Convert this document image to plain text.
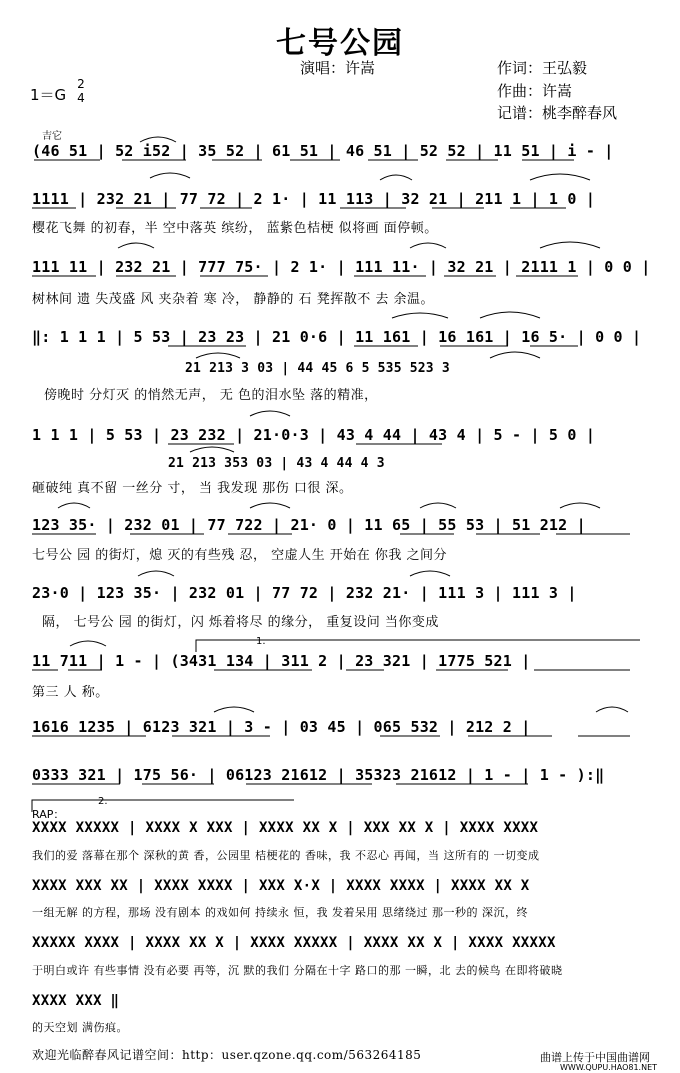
七号公园
演唱：许嵩	作词：王弘毅
作曲：许嵩
记谱：桃李醉春风
1＝G
2
4
吉它
(46 51 | 52 i52 | 35 52 | 61 51 | 46 51 | 52 52 | 11 51 | i - |
1111 | 232 21 | 77 72 | 2 1· | 11 113 | 32 21 | 211 1 | 1 0 |
樱花飞舞 的初春，半 空中落英 缤纷， 蓝紫色桔梗 似将画 面停顿。
111 11 | 232 21 | 777 75· | 2 1· | 111 11· | 32 21 | 2111 1 | 0 0 |
树林间 遗 失茂盛 风 夹杂着 寒 冷， 静静的 石 凳挥散不 去 余温。
‖: 1 1 1 | 5 53 | 23 23 | 21 0·6 | 11 161 | 16 161 | 16 5· | 0 0 |
21 213 3 03 | 44 45 6 5 535 523 3
傍晚时 分灯灭 的悄然无声， 无 色的泪水坠 落的精准，
1 1 1 | 5 53 | 23 232 | 21·0·3 | 43 4 44 | 43 4 | 5 - | 5 0 |
21 213 353 03 | 43 4 44 4 3
砸破纯 真不留 一丝分 寸， 当 我发现 那伤 口很 深。
123 35· | 232 01 | 77 722 | 21· 0 | 11 65 | 55 53 | 51 212 |
七号公 园 的街灯，熄 灭的有些残 忍， 空虚人生 开始在 你我 之间分
23·0 | 123 35· | 232 01 | 77 72 | 232 21· | 111 3 | 111 3 |
隔， 七号公 园 的街灯，闪 烁着将尽 的缘分， 重复设问 当你变成
1.
11 711 | 1 - | (3431 134 | 311 2 | 23 321 | 1775 521 |
第三 人 称。
1616 1235 | 6123 321 | 3 - | 03 45 | 065 532 | 212 2 |
0333 321 | 175 56· | 06123 21612 | 35323 21612 | 1 - | 1 - ):‖
2.
RAP：
XXXX XXXXX | XXXX X XXX | XXXX XX X | XXX XX X | XXXX XXXX
我们的爱 落幕在那个 深秋的黄 香，公园里 桔梗花的 香味，我 不忍心 再闻，当 这所有的 一切变成
XXXX XXX XX | XXXX XXXX | XXX X·X | XXXX XXXX | XXXX XX X
一组无解 的方程，那场 没有剧本 的戏如何 持续永 恒，我 发着呆用 思绪绕过 那一秒的 深沉，终
XXXXX XXXX | XXXX XX X | XXXX XXXXX | XXXX XX X | XXXX XXXXX
于明白或许 有些事情 没有必要 再等，沉 默的我们 分隔在十字 路口的那 一瞬，北 去的候鸟 在即将破晓
XXXX XXX ‖
的天空划 满伤痕。
欢迎光临醉春风记谱空间：http：user.qzone.qq.com/563264185	曲谱上传于中国曲谱网
WWW.QUPU.HAO81.NET
